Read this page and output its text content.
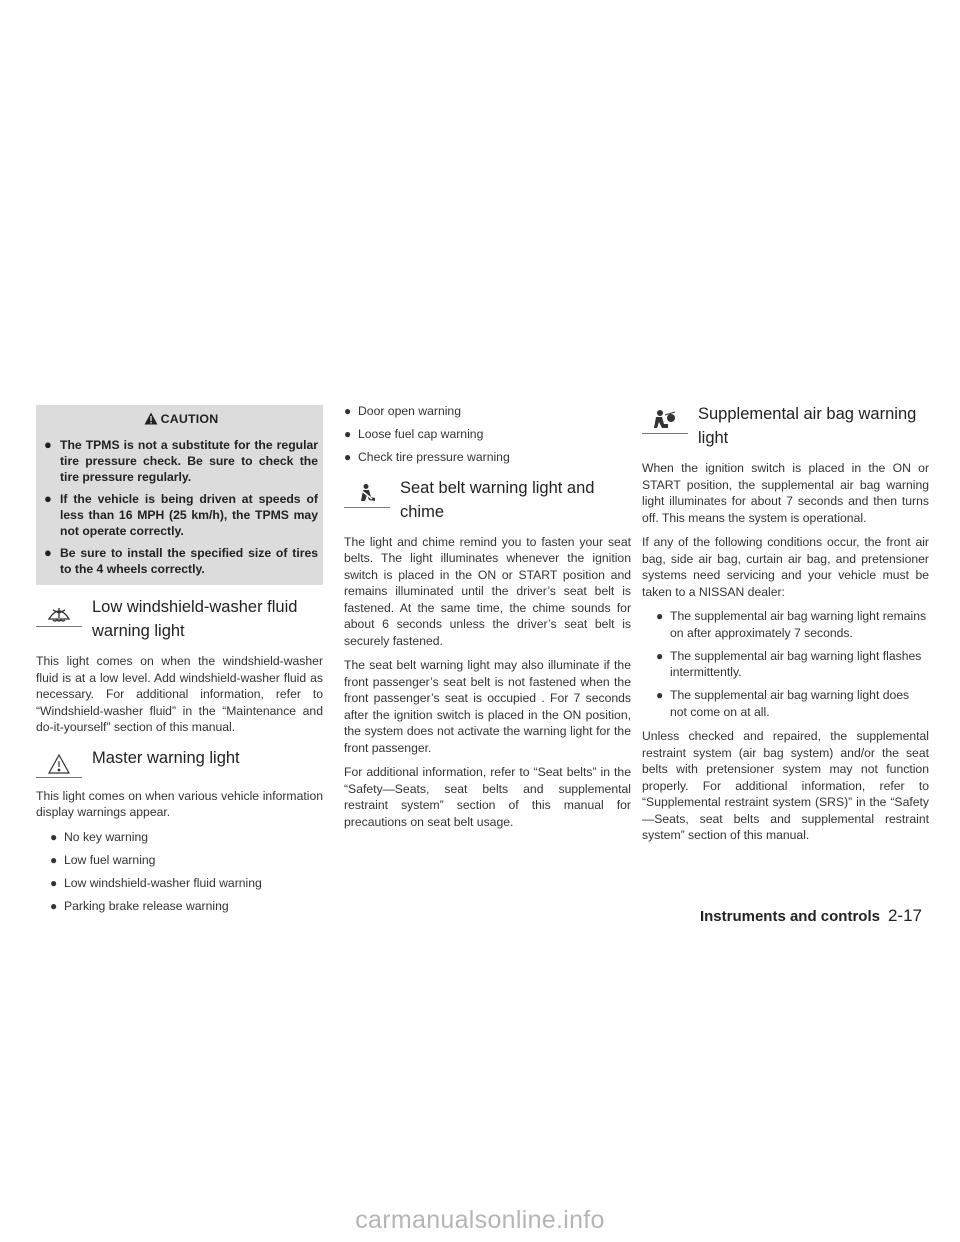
CAUTION
● The TPMS is not a substitute for the regular tire pressure check. Be sure to check the tire pressure regularly.
● If the vehicle is being driven at speeds of less than 16 MPH (25 km/h), the TPMS may not operate correctly.
● Be sure to install the specified size of tires to the 4 wheels correctly.
Low windshield-washer fluid warning light

This light comes on when the windshield-washer fluid is at a low level. Add windshield-washer fluid as necessary. For additional information, refer to “Windshield-washer fluid” in the “Maintenance and do-it-yourself” section of this manual.

Master warning light

This light comes on when various vehicle information display warnings appear.

● No key warning
● Low fuel warning
● Low windshield-washer fluid warning
● Parking brake release warning
● Door open warning
● Loose fuel cap warning
● Check tire pressure warning
Seat belt warning light and chime

The light and chime remind you to fasten your seat belts. The light illuminates whenever the ignition switch is placed in the ON or START position and remains illuminated until the driver’s seat belt is fastened. At the same time, the chime sounds for about 6 seconds unless the driver’s seat belt is securely fastened.

The seat belt warning light may also illuminate if the front passenger’s seat belt is not fastened when the front passenger’s seat is occupied . For 7 seconds after the ignition switch is placed in the ON position, the system does not activate the warning light for the front passenger.

For additional information, refer to “Seat belts” in the “Safety—Seats, seat belts and supplemental restraint system” section of this manual for precautions on seat belt usage.

Supplemental air bag warning light

When the ignition switch is placed in the ON or START position, the supplemental air bag warning light illuminates for about 7 seconds and then turns off. This means the system is operational.

If any of the following conditions occur, the front air bag, side air bag, curtain air bag, and pretensioner systems need servicing and your vehicle must be taken to a NISSAN dealer:

● The supplemental air bag warning light remains on after approximately 7 seconds.
● The supplemental air bag warning light flashes intermittently.
● The supplemental air bag warning light does not come on at all.

Unless checked and repaired, the supplemental restraint system (air bag system) and/or the seat belts with pretensioner system may not function properly. For additional information, refer to “Supplemental restraint system (SRS)” in the “Safety—Seats, seat belts and supplemental restraint system” section of this manual.

Instruments and controls 2-17
carmanualsonline.info
